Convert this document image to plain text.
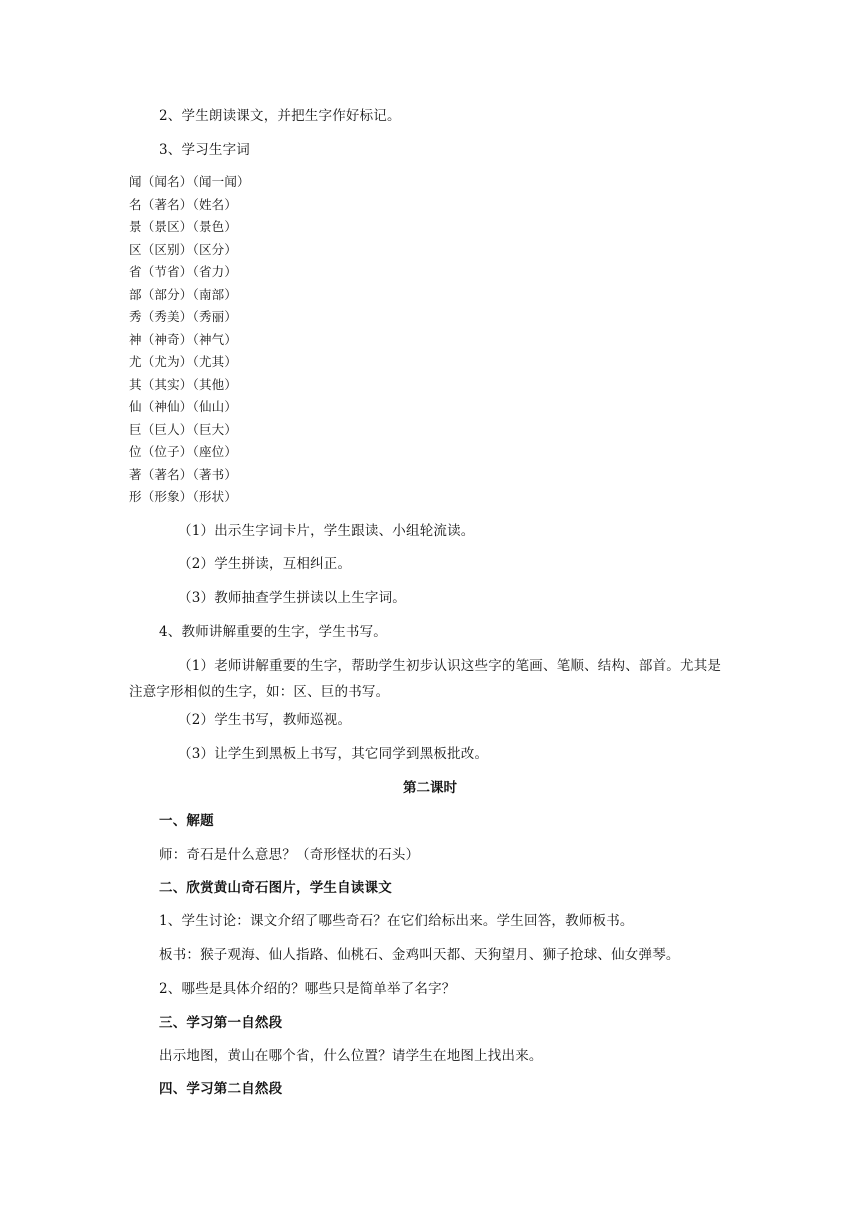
2、学生朗读课文，并把生字作好标记。
3、学习生字词
闻（闻名）（闻一闻）
名（著名）（姓名）
景（景区）（景色）
区（区别）（区分）
省（节省）（省力）
部（部分）（南部）
秀（秀美）（秀丽）
神（神奇）（神气）
尤（尤为）（尤其）
其（其实）（其他）
仙（神仙）（仙山）
巨（巨人）（巨大）
位（位子）（座位）
著（著名）（著书）
形（形象）（形状）
（1）出示生字词卡片，学生跟读、小组轮流读。
（2）学生拼读，互相纠正。
（3）教师抽查学生拼读以上生字词。
4、教师讲解重要的生字，学生书写。
（1）老师讲解重要的生字，帮助学生初步认识这些字的笔画、笔顺、结构、部首。尤其是注意字形相似的生字，如：区、巨的书写。
（2）学生书写，教师巡视。
（3）让学生到黑板上书写，其它同学到黑板批改。
第二课时
一、解题
师：奇石是什么意思？（奇形怪状的石头）
二、欣赏黄山奇石图片，学生自读课文
1、学生讨论：课文介绍了哪些奇石？在它们给标出来。学生回答，教师板书。
板书：猴子观海、仙人指路、仙桃石、金鸡叫天都、天狗望月、狮子抢球、仙女弹琴。
2、哪些是具体介绍的？哪些只是简单举了名字？
三、学习第一自然段
出示地图，黄山在哪个省，什么位置？请学生在地图上找出来。
四、学习第二自然段
